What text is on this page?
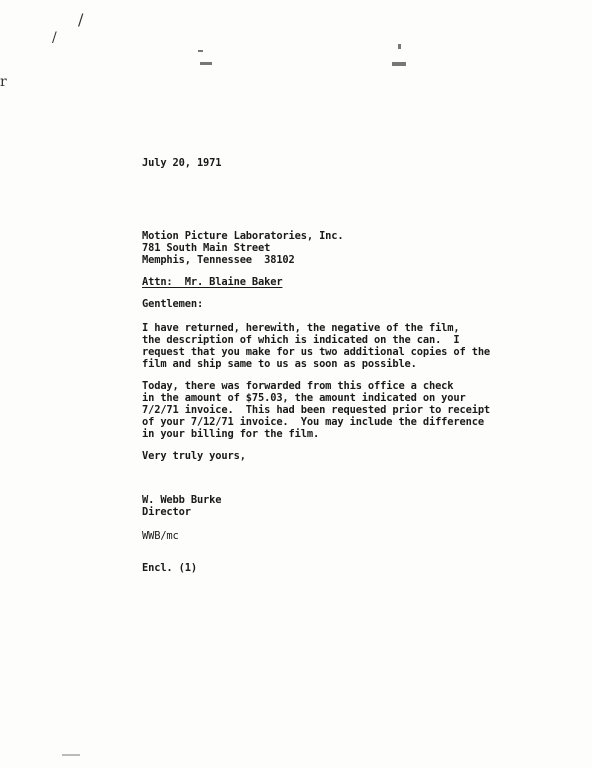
/
/
r
July 20, 1971
Motion Picture Laboratories, Inc.
781 South Main Street
Memphis, Tennessee  38102
Attn:  Mr. Blaine Baker
Gentlemen:
I have returned, herewith, the negative of the film,
the description of which is indicated on the can.  I
request that you make for us two additional copies of the
film and ship same to us as soon as possible.
Today, there was forwarded from this office a check
in the amount of $75.03, the amount indicated on your
7/2/71 invoice.  This had been requested prior to receipt
of your 7/12/71 invoice.  You may include the difference
in your billing for the film.
Very truly yours,
W. Webb Burke
Director
WWB/mc
Encl. (1)
